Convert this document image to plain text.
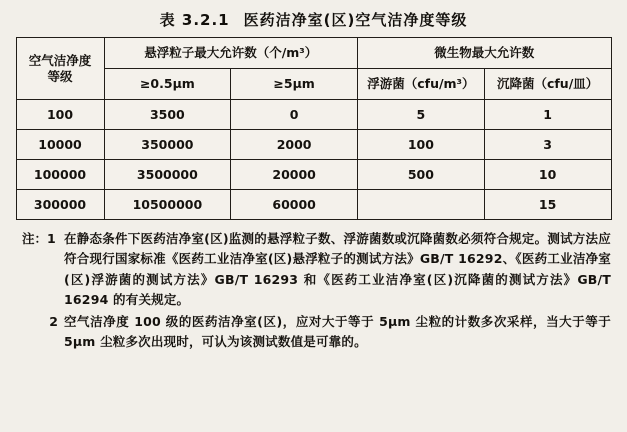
表 3.2.1 医药洁净室(区)空气洁净度等级
空气洁净度
等级	悬浮粒子最大允许数（个/m³）		微生物最大允许数	
	≥0.5μm	≥5μm	浮游菌（cfu/m³）	沉降菌（cfu/皿）
100	3500	0	5	1
10000	350000	2000	100	3
100000	3500000	20000	500	10
300000	10500000	60000		15
注：1 在静态条件下医药洁净室(区)监测的悬浮粒子数、浮游菌数或沉降菌数必须符合规定。测试方法应符合现行国家标准《医药工业洁净室(区)悬浮粒子的测试方法》GB/T 16292、《医药工业洁净室(区)浮游菌的测试方法》GB/T 16293 和《医药工业洁净室(区)沉降菌的测试方法》GB/T 16294 的有关规定。
2 空气洁净度 100 级的医药洁净室(区)，应对大于等于 5μm 尘粒的计数多次采样，当大于等于 5μm 尘粒多次出现时，可认为该测试数值是可靠的。
